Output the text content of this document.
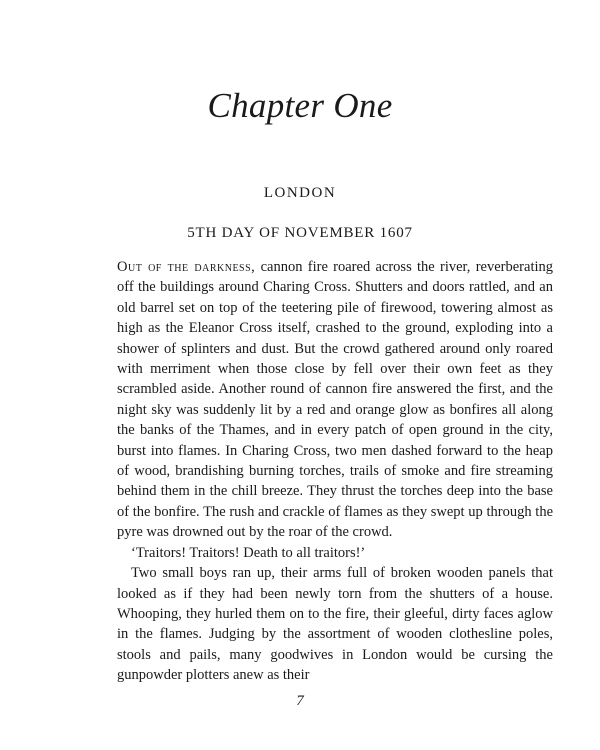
Chapter One
LONDON
5TH DAY OF NOVEMBER 1607

Out of the darkness, cannon fire roared across the river, reverberating off the buildings around Charing Cross. Shutters and doors rattled, and an old barrel set on top of the teetering pile of firewood, towering almost as high as the Eleanor Cross itself, crashed to the ground, exploding into a shower of splinters and dust. But the crowd gathered around only roared with merriment when those close by fell over their own feet as they scrambled aside. Another round of cannon fire answered the first, and the night sky was suddenly lit by a red and orange glow as bonfires all along the banks of the Thames, and in every patch of open ground in the city, burst into flames. In Charing Cross, two men dashed forward to the heap of wood, brandishing burning torches, trails of smoke and fire streaming behind them in the chill breeze. They thrust the torches deep into the base of the bonfire. The rush and crackle of flames as they swept up through the pyre was drowned out by the roar of the crowd.

‘Traitors! Traitors! Death to all traitors!’

Two small boys ran up, their arms full of broken wooden panels that looked as if they had been newly torn from the shutters of a house. Whooping, they hurled them on to the fire, their gleeful, dirty faces aglow in the flames. Judging by the assortment of wooden clothesline poles, stools and pails, many goodwives in London would be cursing the gunpowder plotters anew as their

7
